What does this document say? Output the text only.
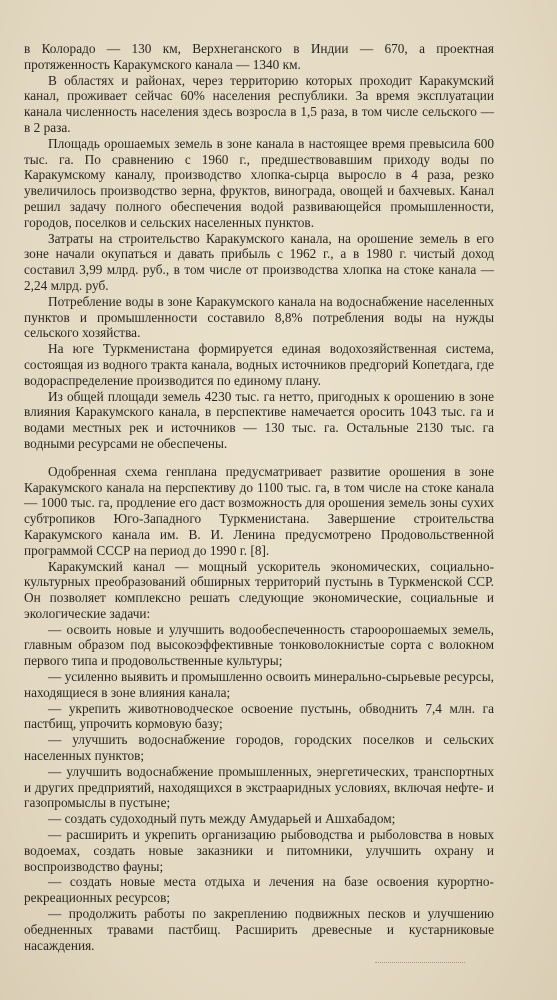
в Колорадо — 130 км, Верхнеганского в Индии — 670, а проектная протяженность Каракумского канала — 1340 км.

В областях и районах, через территорию которых проходит Каракумский канал, проживает сейчас 60% населения республики. За время эксплуатации канала численность населения здесь возросла в 1,5 раза, в том числе сельского — в 2 раза.

Площадь орошаемых земель в зоне канала в настоящее время превысила 600 тыс. га. По сравнению с 1960 г., предшествовавшим приходу воды по Каракумскому каналу, производство хлопка-сырца выросло в 4 раза, резко увеличилось производство зерна, фруктов, винограда, овощей и бахчевых. Канал решил задачу полного обеспечения водой развивающейся промышленности, городов, поселков и сельских населенных пунктов.

Затраты на строительство Каракумского канала, на орошение земель в его зоне начали окупаться и давать прибыль с 1962 г., а в 1980 г. чистый доход составил 3,99 млрд. руб., в том числе от производства хлопка на стоке канала — 2,24 млрд. руб.

Потребление воды в зоне Каракумского канала на водоснабжение населенных пунктов и промышленности составило 8,8% потребления воды на нужды сельского хозяйства.

На юге Туркменистана формируется единая водохозяйственная система, состоящая из водного тракта канала, водных источников предгорий Копетдага, где водораспределение производится по единому плану.

Из общей площади земель 4230 тыс. га нетто, пригодных к орошению в зоне влияния Каракумского канала, в перспективе намечается оросить 1043 тыс. га и водами местных рек и источников — 130 тыс. га. Остальные 2130 тыс. га водными ресурсами не обеспечены.

Одобренная схема генплана предусматривает развитие орошения в зоне Каракумского канала на перспективу до 1100 тыс. га, в том числе на стоке канала — 1000 тыс. га, продление его даст возможность для орошения земель зоны сухих субтропиков Юго-Западного Туркменистана. Завершение строительства Каракумского канала им. В. И. Ленина предусмотрено Продовольственной программой СССР на период до 1990 г. [8].

Каракумский канал — мощный ускоритель экономических, социально-культурных преобразований обширных территорий пустынь в Туркменской ССР. Он позволяет комплексно решать следующие экономические, социальные и экологические задачи:

— освоить новые и улучшить водообеспеченность староорошаемых земель, главным образом под высокоэффективные тонковолокнистые сорта с волокном первого типа и продовольственные культуры;

— усиленно выявить и промышленно освоить минерально-сырьевые ресурсы, находящиеся в зоне влияния канала;

— укрепить животноводческое освоение пустынь, обводнить 7,4 млн. га пастбищ, упрочить кормовую базу;

— улучшить водоснабжение городов, городских поселков и сельских населенных пунктов;

— улучшить водоснабжение промышленных, энергетических, транспортных и других предприятий, находящихся в экстрааридных условиях, включая нефте- и газопромыслы в пустыне;

— создать судоходный путь между Амударьей и Ашхабадом;

— расширить и укрепить организацию рыбоводства и рыболовства в новых водоемах, создать новые заказники и питомники, улучшить охрану и воспроизводство фауны;

— создать новые места отдыха и лечения на базе освоения курортно-рекреационных ресурсов;

— продолжить работы по закреплению подвижных песков и улучшению обедненных травами пастбищ. Расширить древесные и кустарниковые насаждения.
